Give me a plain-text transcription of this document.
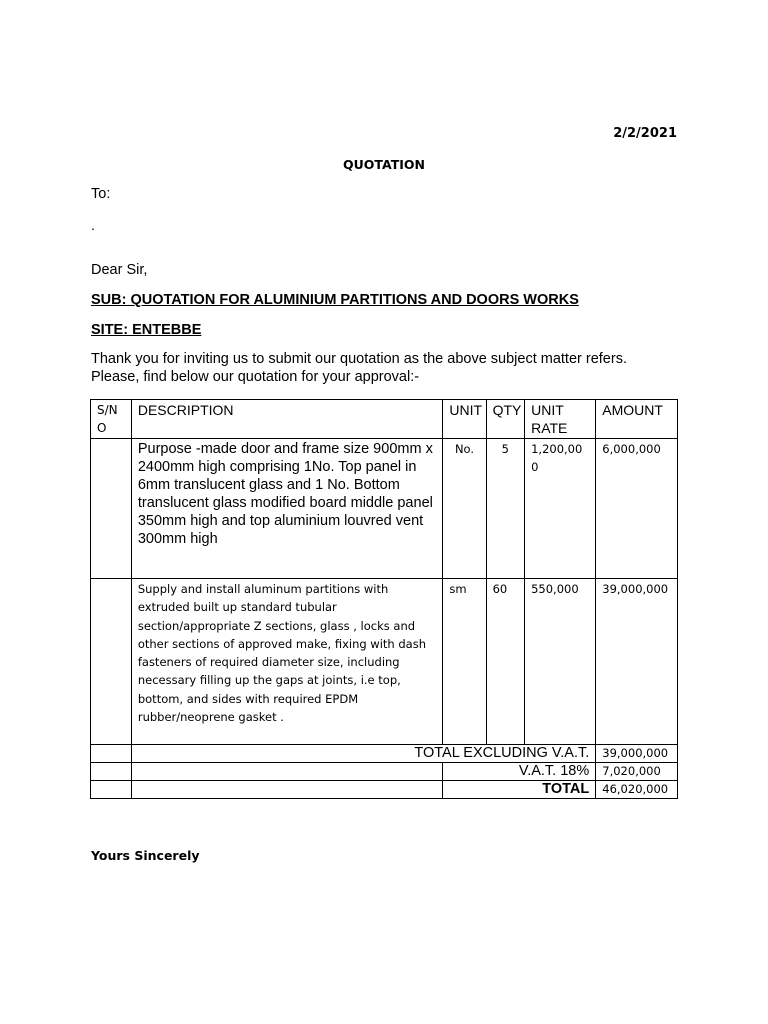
2/2/2021
QUOTATION
To:
.
Dear Sir,
SUB: QUOTATION FOR ALUMINIUM PARTITIONS AND DOORS WORKS
SITE: ENTEBBE

Thank you for inviting us to submit our quotation as the above subject matter refers.

Please, find below our quotation for your approval:-

S/N O	DESCRIPTION	UNIT	QTY	UNIT RATE	AMOUNT
	Purpose -made door and frame size 900mm x 2400mm high comprising 1No. Top panel in 6mm translucent glass and 1 No. Bottom translucent glass modified board middle panel 350mm high and top aluminium louvred vent 300mm high	No.	5	1,200,000	6,000,000
	Supply and install aluminum partitions with extruded built up standard tubular section/appropriate Z sections, glass , locks and other sections of approved make, fixing with dash fasteners of required diameter size, including necessary filling up the gaps at joints, i.e top, bottom, and sides with required EPDM rubber/neoprene gasket .	sm	60	550,000	39,000,000
	TOTAL EXCLUDING V.A.T.				39,000,000
		V.A.T. 18%			7,020,000
		TOTAL			46,020,000
Yours Sincerely
